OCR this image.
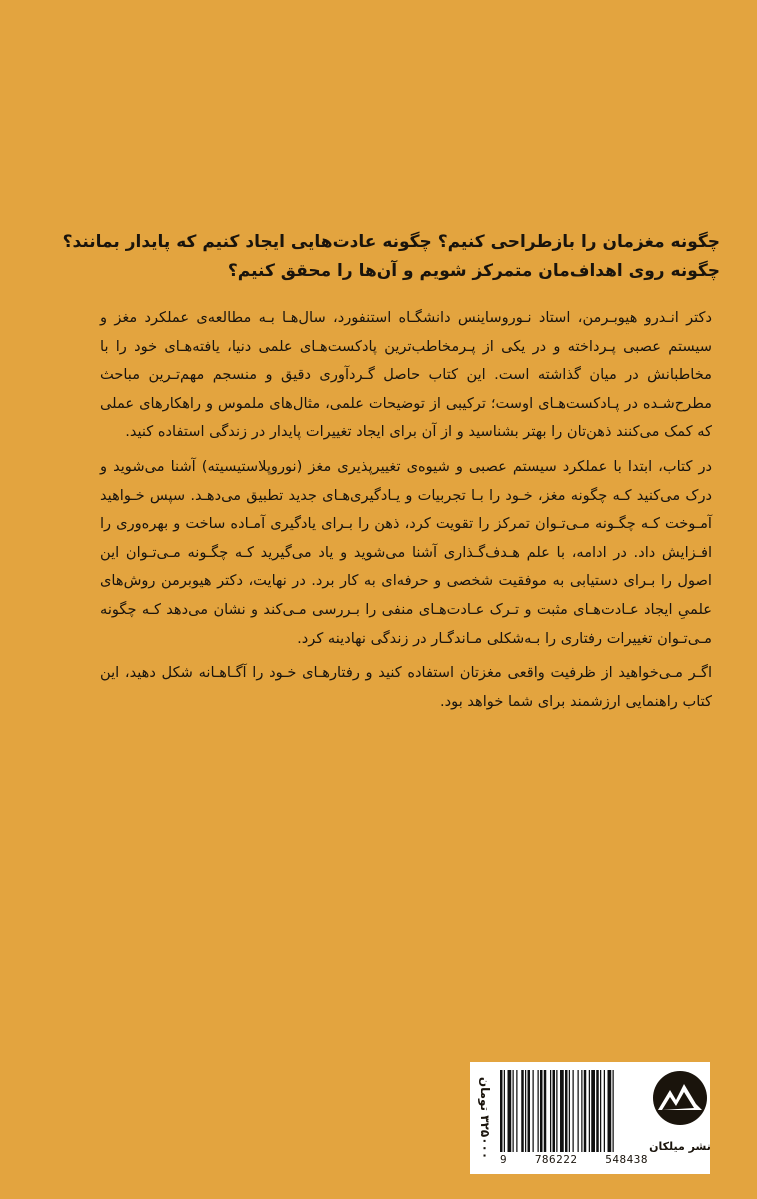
چگونه مغزمان را بازطراحی کنیم؟ چگونه عادت‌هایی ایجاد کنیم که پایدار بمانند؟
چگونه روی اهداف‌مان متمرکز شویم و آن‌ها را محقق کنیم؟

دکتر انـدرو هیوبـرمن، استاد نـوروساینس دانشگـاه استنفورد، سال‌هـا بـه مطالعه‌ی عملکرد مغز و سیستم عصبی پـرداخته و در یکی از پـرمخاطب‌ترین پادکست‌هـای علمی دنیا، یافته‌هـای خود را با مخاطبانش در میان گذاشته است. این کتاب حاصل گـردآوری دقیق و منسجم مهم‌تـرین مباحث مطرح‌شـده در پـادکست‌هـای اوست؛ ترکیبی از توضیحات علمی، مثال‌های ملموس و راهکارهای عملی که کمک می‌کنند ذهن‌تان را بهتر بشناسید و از آن برای ایجاد تغییرات پایدار در زندگی استفاده کنید.

در کتاب، ابتدا با عملکرد سیستم عصبی و شیوه‌ی تغییرپذیری مغز (نوروپلاستیسیته) آشنا می‌شوید و درک می‌کنید کـه چگونه مغز، خـود را بـا تجربیات و یـادگیری‌هـای جدید تطبیق می‌دهـد. سپس خـواهید آمـوخت کـه چگـونه مـی‌تـوان تمرکز را تقویت کرد، ذهن را بـرای یادگیری آمـاده ساخت و بهره‌وری را افـزایش داد. در ادامه، با علم هـدف‌گـذاری آشنا می‌شوید و یاد می‌گیرید کـه چگـونه مـی‌تـوان این اصول را بـرای دستیابی به موفقیت شخصی و حرفه‌ای به کار برد. در نهایت، دکتر هیوبرمن روش‌های علمیِ ایجاد عـادت‌هـای مثبت و تـرک عـادت‌هـای منفی را بـررسی مـی‌کند و نشان می‌دهد کـه چگونه مـی‌تـوان تغییرات رفتاری را بـه‌شکلی مـاندگـار در زندگی نهادینه کرد.

اگـر مـی‌خواهید از ظرفیت واقعی مغزتان استفاده کنید و رفتارهـای خـود را آگـاهـانه شکل دهید، این کتاب راهنمایی ارزشمند برای شما خواهد بود.

۳۲۵۰۰۰ تومان
9	786222	548438
نشر میلکان
